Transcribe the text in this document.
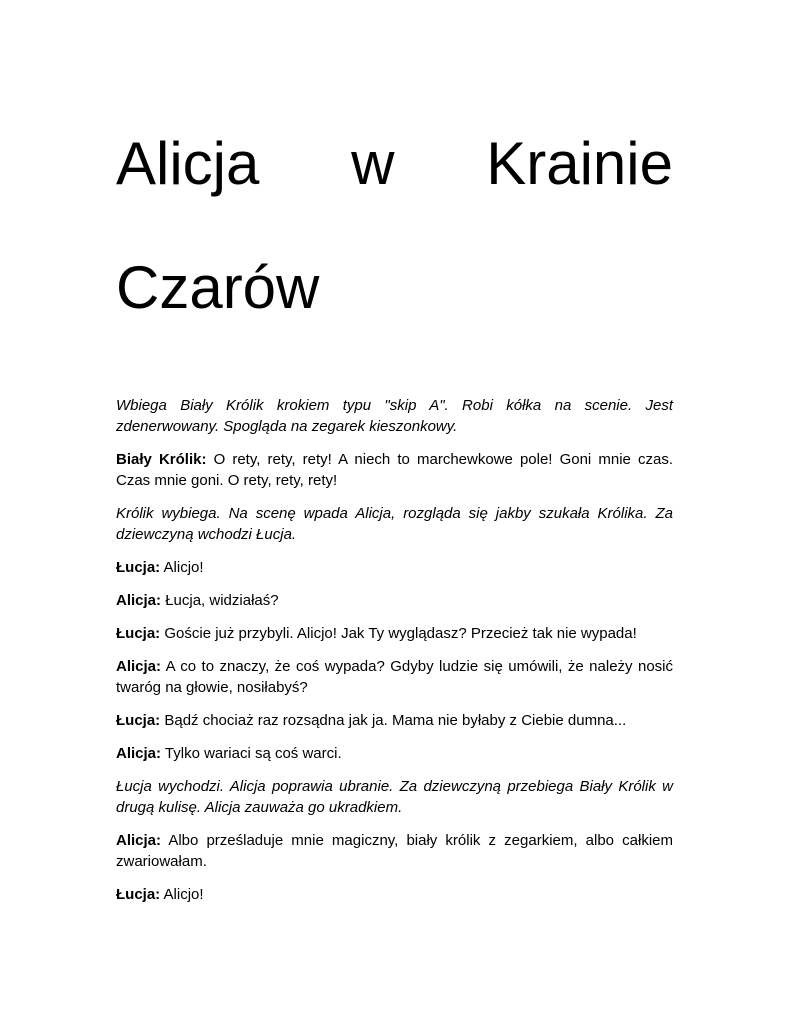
Alicja w Krainie
Czarów

Wbiega Biały Królik krokiem typu "skip A". Robi kółka na scenie. Jest zdenerwowany. Spogląda na zegarek kieszonkowy.

Biały Królik: O rety, rety, rety! A niech to marchewkowe pole! Goni mnie czas. Czas mnie goni. O rety, rety, rety!

Królik wybiega. Na scenę wpada Alicja, rozgląda się jakby szukała Królika. Za dziewczyną wchodzi Łucja.

Łucja: Alicjo!

Alicja: Łucja, widziałaś?

Łucja: Goście już przybyli. Alicjo! Jak Ty wyglądasz? Przecież tak nie wypada!

Alicja: A co to znaczy, że coś wypada? Gdyby ludzie się umówili, że należy nosić twaróg na głowie, nosiłabyś?

Łucja: Bądź chociaż raz rozsądna jak ja. Mama nie byłaby z Ciebie dumna...

Alicja: Tylko wariaci są coś warci.

Łucja wychodzi. Alicja poprawia ubranie. Za dziewczyną przebiega Biały Królik w drugą kulisę. Alicja zauważa go ukradkiem.

Alicja: Albo prześladuje mnie magiczny, biały królik z zegarkiem, albo całkiem zwariowałam.

Łucja: Alicjo!
